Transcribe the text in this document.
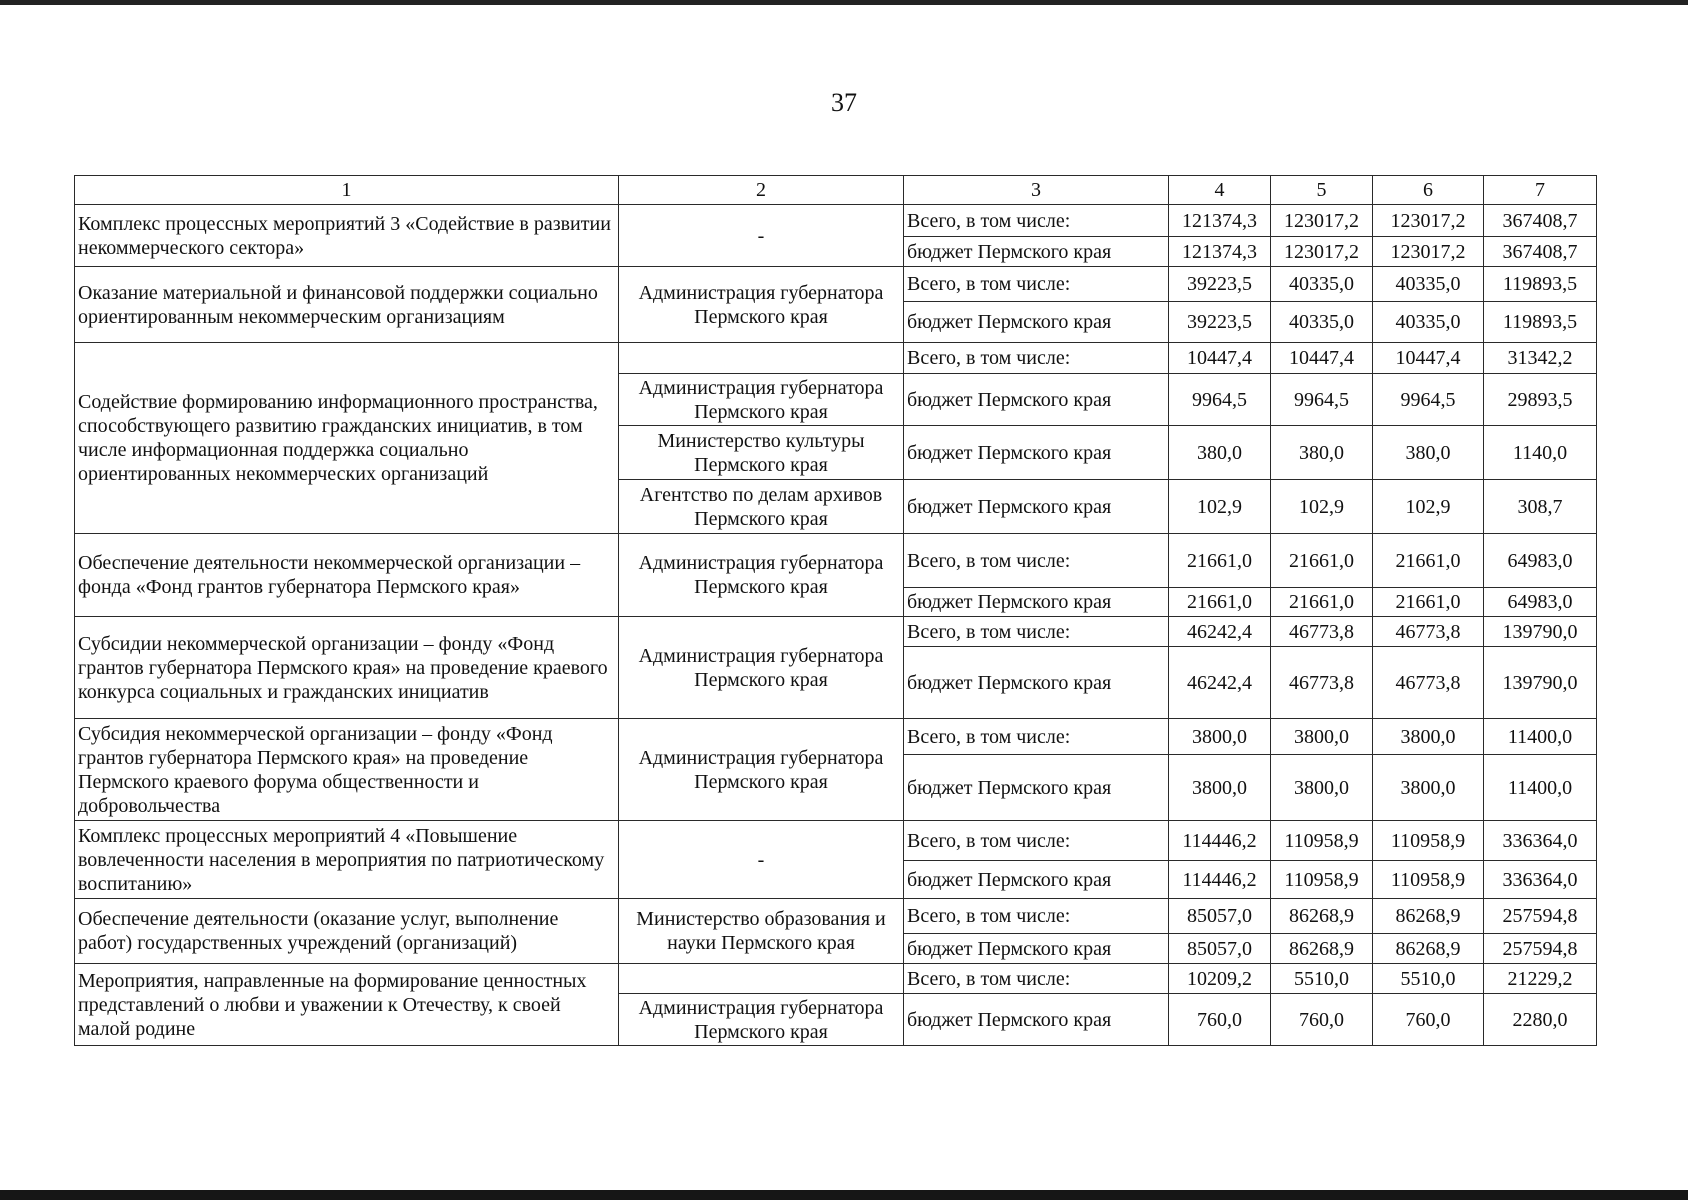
37
1	2	3	4	5	6	7
Комплекс процессных мероприятий 3 «Содействие в развитии некоммерческого сектора»	-	Всего, в том числе:	121374,3	123017,2	123017,2	367408,7
		бюджет Пермского края	121374,3	123017,2	123017,2	367408,7
Оказание материальной и финансовой поддержки социально ориентированным некоммерческим организациям	Администрация губернатора Пермского края	Всего, в том числе:	39223,5	40335,0	40335,0	119893,5
		бюджет Пермского края	39223,5	40335,0	40335,0	119893,5
Содействие формированию информационного пространства, способствующего развитию гражданских инициатив, в том числе информационная поддержка социально ориентированных некоммерческих организаций		Всего, в том числе:	10447,4	10447,4	10447,4	31342,2
	Администрация губернатора Пермского края	бюджет Пермского края	9964,5	9964,5	9964,5	29893,5
	Министерство культуры Пермского края	бюджет Пермского края	380,0	380,0	380,0	1140,0
	Агентство по делам архивов Пермского края	бюджет Пермского края	102,9	102,9	102,9	308,7
Обеспечение деятельности некоммерческой организации – фонда «Фонд грантов губернатора Пермского края»	Администрация губернатора Пермского края	Всего, в том числе:	21661,0	21661,0	21661,0	64983,0
		бюджет Пермского края	21661,0	21661,0	21661,0	64983,0
Субсидии некоммерческой организации – фонду «Фонд грантов губернатора Пермского края» на проведение краевого конкурса социальных и гражданских инициатив	Администрация губернатора Пермского края	Всего, в том числе:	46242,4	46773,8	46773,8	139790,0
		бюджет Пермского края	46242,4	46773,8	46773,8	139790,0
Субсидия некоммерческой организации – фонду «Фонд грантов губернатора Пермского края» на проведение Пермского краевого форума общественности и добровольчества	Администрация губернатора Пермского края	Всего, в том числе:	3800,0	3800,0	3800,0	11400,0
		бюджет Пермского края	3800,0	3800,0	3800,0	11400,0
Комплекс процессных мероприятий 4 «Повышение вовлеченности населения в мероприятия по патриотическому воспитанию»	-	Всего, в том числе:	114446,2	110958,9	110958,9	336364,0
		бюджет Пермского края	114446,2	110958,9	110958,9	336364,0
Обеспечение деятельности (оказание услуг, выполнение работ) государственных учреждений (организаций)	Министерство образования и науки Пермского края	Всего, в том числе:	85057,0	86268,9	86268,9	257594,8
		бюджет Пермского края	85057,0	86268,9	86268,9	257594,8
Мероприятия, направленные на формирование ценностных представлений о любви и уважении к Отечеству, к своей малой родине		Всего, в том числе:	10209,2	5510,0	5510,0	21229,2
	Администрация губернатора Пермского края	бюджет Пермского края	760,0	760,0	760,0	2280,0
